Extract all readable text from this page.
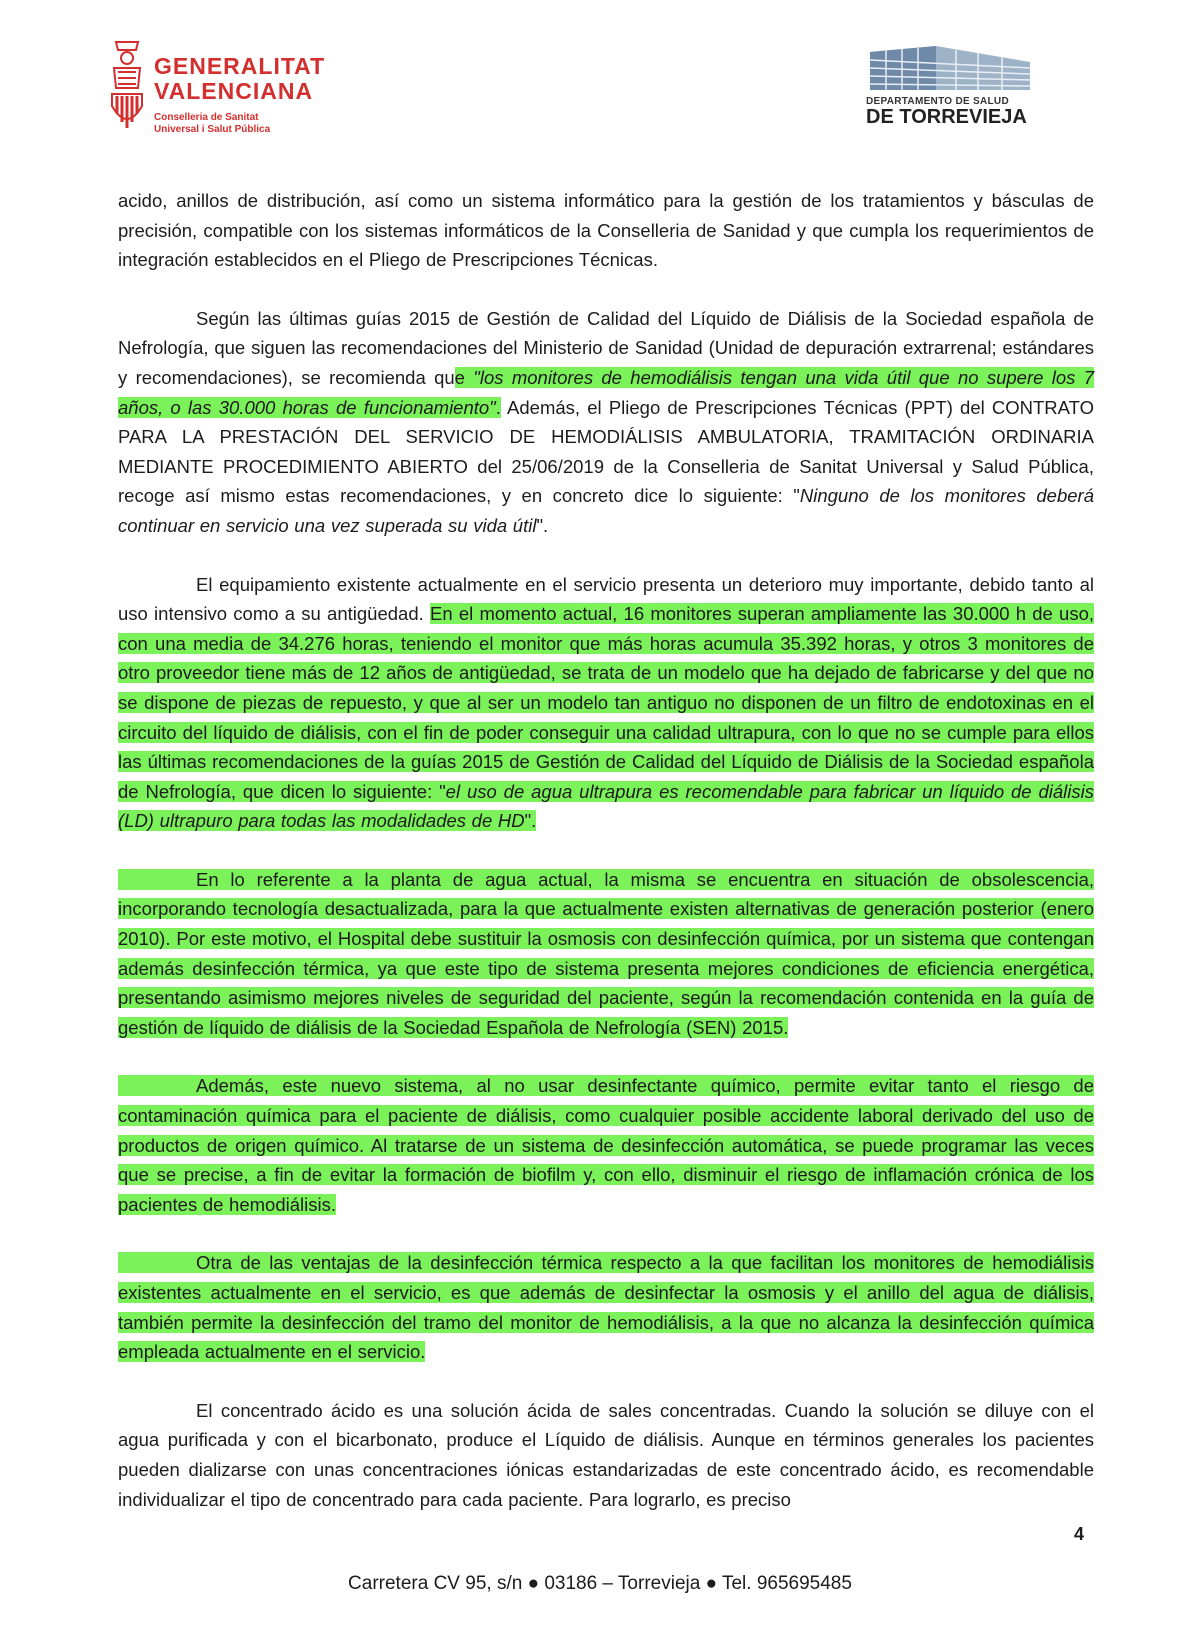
GENERALITAT
VALENCIANA
Conselleria de Sanitat
Universal i Salut Pública
DEPARTAMENTO DE SALUD
DE TORREVIEJA

acido, anillos de distribución, así como un sistema informático para la gestión de los tratamientos y básculas de precisión, compatible con los sistemas informáticos de la Conselleria de Sanidad y que cumpla los requerimientos de integración establecidos en el Pliego de Prescripciones Técnicas.

Según las últimas guías 2015 de Gestión de Calidad del Líquido de Diálisis de la Sociedad española de Nefrología, que siguen las recomendaciones del Ministerio de Sanidad (Unidad de depuración extrarrenal; estándares y recomendaciones), se recomienda que "los monitores de hemodiálisis tengan una vida útil que no supere los 7 años, o las 30.000 horas de funcionamiento". Además, el Pliego de Prescripciones Técnicas (PPT) del CONTRATO PARA LA PRESTACIÓN DEL SERVICIO DE HEMODIÁLISIS AMBULATORIA, TRAMITACIÓN ORDINARIA MEDIANTE PROCEDIMIENTO ABIERTO del 25/06/2019 de la Conselleria de Sanitat Universal y Salud Pública, recoge así mismo estas recomendaciones, y en concreto dice lo siguiente: "Ninguno de los monitores deberá continuar en servicio una vez superada su vida útil".

El equipamiento existente actualmente en el servicio presenta un deterioro muy importante, debido tanto al uso intensivo como a su antigüedad. En el momento actual, 16 monitores superan ampliamente las 30.000 h de uso, con una media de 34.276 horas, teniendo el monitor que más horas acumula 35.392 horas, y otros 3 monitores de otro proveedor tiene más de 12 años de antigüedad, se trata de un modelo que ha dejado de fabricarse y del que no se dispone de piezas de repuesto, y que al ser un modelo tan antiguo no disponen de un filtro de endotoxinas en el circuito del líquido de diálisis, con el fin de poder conseguir una calidad ultrapura, con lo que no se cumple para ellos las últimas recomendaciones de la guías 2015 de Gestión de Calidad del Líquido de Diálisis de la Sociedad española de Nefrología, que dicen lo siguiente: "el uso de agua ultrapura es recomendable para fabricar un líquido de diálisis (LD) ultrapuro para todas las modalidades de HD".

En lo referente a la planta de agua actual, la misma se encuentra en situación de obsolescencia, incorporando tecnología desactualizada, para la que actualmente existen alternativas de generación posterior (enero 2010). Por este motivo, el Hospital debe sustituir la osmosis con desinfección química, por un sistema que contengan además desinfección térmica, ya que este tipo de sistema presenta mejores condiciones de eficiencia energética, presentando asimismo mejores niveles de seguridad del paciente, según la recomendación contenida en la guía de gestión de líquido de diálisis de la Sociedad Española de Nefrología (SEN) 2015.

Además, este nuevo sistema, al no usar desinfectante químico, permite evitar tanto el riesgo de contaminación química para el paciente de diálisis, como cualquier posible accidente laboral derivado del uso de productos de origen químico. Al tratarse de un sistema de desinfección automática, se puede programar las veces que se precise, a fin de evitar la formación de biofilm y, con ello, disminuir el riesgo de inflamación crónica de los pacientes de hemodiálisis.

Otra de las ventajas de la desinfección térmica respecto a la que facilitan los monitores de hemodiálisis existentes actualmente en el servicio, es que además de desinfectar la osmosis y el anillo del agua de diálisis, también permite la desinfección del tramo del monitor de hemodiálisis, a la que no alcanza la desinfección química empleada actualmente en el servicio.

El concentrado ácido es una solución ácida de sales concentradas. Cuando la solución se diluye con el agua purificada y con el bicarbonato, produce el Líquido de diálisis. Aunque en términos generales los pacientes pueden dializarse con unas concentraciones iónicas estandarizadas de este concentrado ácido, es recomendable individualizar el tipo de concentrado para cada paciente. Para lograrlo, es preciso

4
Carretera CV 95, s/n ● 03186 – Torrevieja ● Tel. 965695485
